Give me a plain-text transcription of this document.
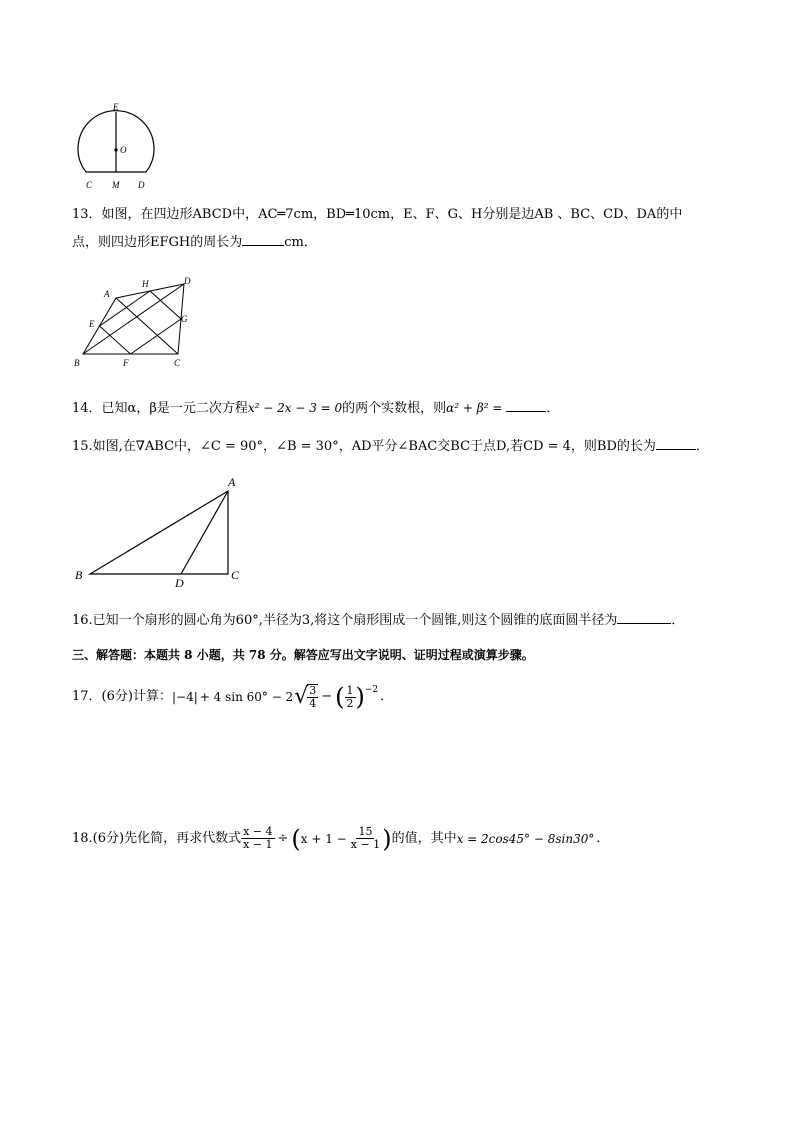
E
O
C M D
13．如图，在四边形ABCD中，AC═7cm，BD═10cm，E、F、G、H分别是边AB 、BC、CD、DA的中
点，则四边形EFGH的周长为	cm．
A
H	D
E	G
B	F	C
14．已知α，β是一元二次方程x² − 2x − 3 = 0的两个实数根，则α² + β² =	．
15.如图,在∇ABC中，∠C = 90°，∠B = 30°，AD平分∠BAC交BC于点D,若CD = 4，则BD的长为	．
A
B	C
D
16.已知一个扇形的圆心角为60°,半径为3,将这个扇形围成一个圆锥,则这个圆锥的底面圆半径为	．
三、解答题：本题共 8 小题，共 78 分。解答应写出文字说明、证明过程或演算步骤。
17．(6分)计算： |−4| + 4 sin 60° − 2 √ $\frac{3}{4}$ − ( $\frac{1}{2}$ ) −2 ．
18.(6分)先化简，再求代数式 $\frac{x - 4}{x - 1}$ ÷ ( $x + 1 - \frac{15}{x - 1}$ ) 的值，其中 x = 2cos45° − 8sin30° ．
